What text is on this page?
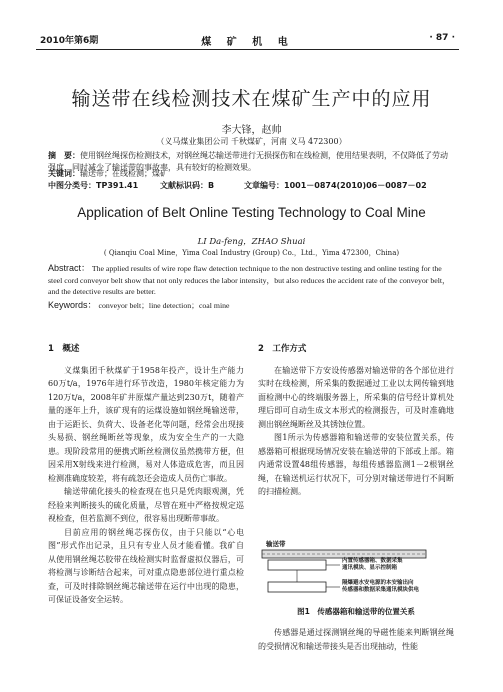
2010年第6期	煤 矿 机 电	· 87 ·
输送带在线检测技术在煤矿生产中的应用
李大锋，赵帅
（义马煤业集团公司 千秋煤矿，河南 义马 472300）
摘　要：使用钢丝绳探伤检测技术，对钢丝绳芯输送带进行无损探伤和在线检测，使用结果表明，不仅降低了劳动强度，同时减少了输送带的事故率，具有较好的检测效果。
关键词：输送带；在线检测；煤矿
中图分类号：TP391.41	文献标识码：B	文章编号：1001－0874(2010)06－0087－02
Application of Belt Online Testing Technology to Coal Mine
LI Da-feng，ZHAO Shuai
( Qianqiu Coal Mine，Yima Coal Industry (Group) Co.，Ltd.，Yima 472300，China)
Abstract： The applied results of wire rope flaw detection technique to the non destructive testing and online testing for the steel cord conveyor belt show that not only reduces the labor intensity，but also reduces the accident rate of the conveyor belt，and the detective results are better.
Keywords： conveyor belt；line detection；coal mine
1　概述

义煤集团千秋煤矿于1958年投产，设计生产能力60万t/a，1976年进行环节改造，1980年核定能力为120万t/a，2008年矿井原煤产量达到230万t，随着产量的逐年上升，该矿现有的运煤设施如钢丝绳输送带，由于运距长、负荷大、设备老化等问题，经常会出现接头易损、钢丝绳断丝等现象，成为安全生产的一大隐患。现阶段常用的便携式断丝检测仪虽然携带方便，但因采用X射线来进行检测，易对人体造成危害，而且因检测准确度较差，将有疏忽还会造成人员伤亡事故。

输送带硫化接头的检查现在也只是凭肉眼观测，凭经验来判断接头的硫化质量，尽管在班中严格按规定巡视检查，但若监测不到位，很容易出现断带事故。

目前应用的钢丝绳芯探伤仪，由于只能以“心电图”形式作出记录，且只有专业人员才能看懂。我矿自从使用钢丝绳芯胶带在线检测实时监督虚拟仪器后，可将检测与诊断结合起来，可对重点隐患部位进行重点检查，可及时排除钢丝绳芯输送带在运行中出现的隐患，可保证设备安全运转。

2　工作方式

在输送带下方安设传感器对输送带的各个部位进行实时在线检测，所采集的数据通过工业以太网传输到地面检测中心的终端服务器上，所采集的信号经计算机处理后即可自动生成文本形式的检测报告，可及时准确地测出钢丝绳断丝及其锈蚀位置。

图1所示为传感器箱和输送带的安装位置关系，传感器箱可根据现场情况安装在输送带的下部或上部。箱内通常设置48组传感器，每组传感器监测1－2根钢丝绳，在输送机运行状况下，可分别对输送带进行不间断的扫描检测。

输送带
内置传感器箱、数据采集
通讯模块、显示控制箱
隔爆避水安电源的本安输出向
传感器和数据采集通讯模块供电
图1　传感器箱和输送带的位置关系

传感器是通过探测钢丝绳的导磁性能来判断钢丝绳的受损情况和输送带接头是否出现抽动，性能
